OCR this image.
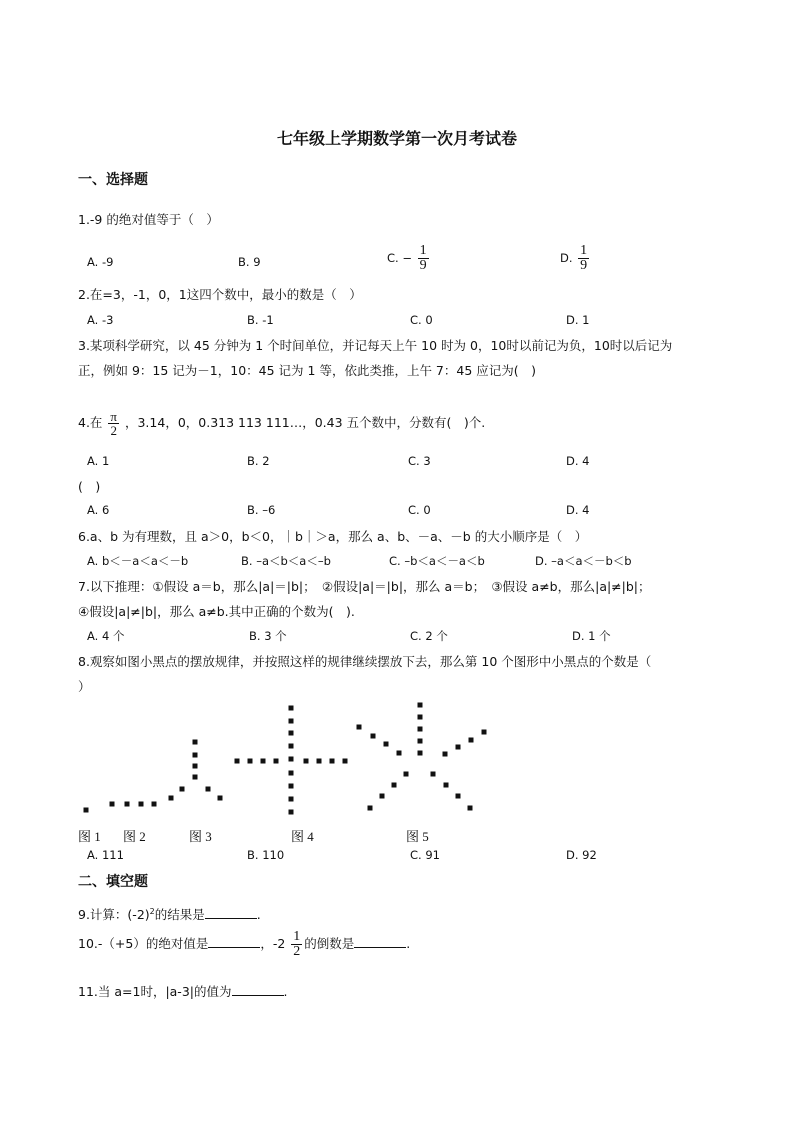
七年级上学期数学第一次月考试卷
一、选择题
1.-9 的绝对值等于（　）
A. -9	B. 9	C. − $\frac{1}{9}$	D. $\frac{1}{9}$
2.在=3，-1，0，1这四个数中，最小的数是（　）
A. -3	B. -1	C. 0	D. 1
3.某项科学研究，以 45 分钟为 1 个时间单位，并记每天上午 10 时为 0，10时以前记为负，10时以后记为
正，例如 9：15 记为－1，10：45 记为 1 等，依此类推，上午 7：45 应记为(　)
4.在 $\frac{\pi}{2}$ ，3.14，0，0.313 113 111…，0.43 五个数中，分数有(　)个.
A. 1	B. 2	C. 3	D. 4
(　)
A. 6	B. –6	C. 0	D. 4
6.a、b 为有理数，且 a＞0，b＜0，｜b｜＞a，那么 a、b、－a、－b 的大小顺序是（　）
A. b＜－a＜a＜－b	B. –a＜b＜a＜–b	C. –b＜a＜－a＜b	D. –a＜a＜－b＜b
7.以下推理：①假设 a＝b，那么|a|＝|b|；　②假设|a|＝|b|，那么 a＝b；　③假设 a≠b，那么|a|≠|b|；
④假设|a|≠|b|，那么 a≠b.其中正确的个数为(　).
A. 4 个	B. 3 个	C. 2 个	D. 1 个
8.观察如图小黑点的摆放规律，并按照这样的规律继续摆放下去，那么第 10 个图形中小黑点的个数是（
）
图 1 图 2	图 3	图 4	图 5
A. 111	B. 110	C. 91	D. 92
二、填空题
9.计算：$(-2)^2$的结果是	.
10.-（+5）的绝对值是	，$-2 \frac{1}{2}$ 的倒数是	.
11.当 a=1时，|a-3|的值为	.
